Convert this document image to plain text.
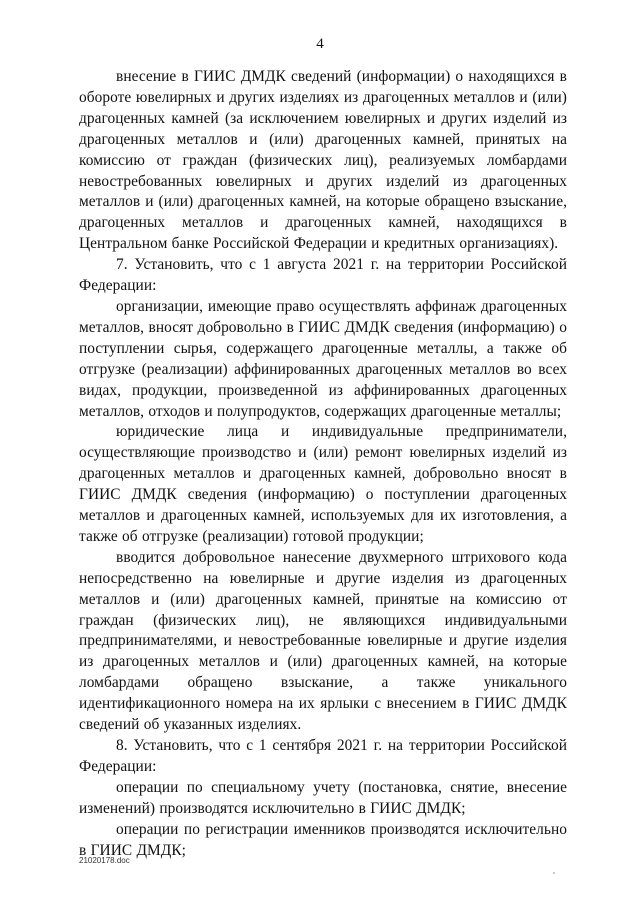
4

внесение в ГИИС ДМДК сведений (информации) о находящихся в обороте ювелирных и других изделиях из драгоценных металлов и (или) драгоценных камней (за исключением ювелирных и других изделий из драгоценных металлов и (или) драгоценных камней, принятых на комиссию от граждан (физических лиц), реализуемых ломбардами невостребованных ювелирных и других изделий из драгоценных металлов и (или) драгоценных камней, на которые обращено взыскание, драгоценных металлов и драгоценных камней, находящихся в Центральном банке Российской Федерации и кредитных организациях).

7. Установить, что с 1 августа 2021 г. на территории Российской Федерации:

организации, имеющие право осуществлять аффинаж драгоценных металлов, вносят добровольно в ГИИС ДМДК сведения (информацию) о поступлении сырья, содержащего драгоценные металлы, а также об отгрузке (реализации) аффинированных драгоценных металлов во всех видах, продукции, произведенной из аффинированных драгоценных металлов, отходов и полупродуктов, содержащих драгоценные металлы;

юридические лица и индивидуальные предприниматели, осуществляющие производство и (или) ремонт ювелирных изделий из драгоценных металлов и драгоценных камней, добровольно вносят в ГИИС ДМДК сведения (информацию) о поступлении драгоценных металлов и драгоценных камней, используемых для их изготовления, а также об отгрузке (реализации) готовой продукции;

вводится добровольное нанесение двухмерного штрихового кода непосредственно на ювелирные и другие изделия из драгоценных металлов и (или) драгоценных камней, принятые на комиссию от граждан (физических лиц), не являющихся индивидуальными предпринимателями, и невостребованные ювелирные и другие изделия из драгоценных металлов и (или) драгоценных камней, на которые ломбардами обращено взыскание, а также уникального идентификационного номера на их ярлыки с внесением в ГИИС ДМДК сведений об указанных изделиях.

8. Установить, что с 1 сентября 2021 г. на территории Российской Федерации:

операции по специальному учету (постановка, снятие, внесение изменений) производятся исключительно в ГИИС ДМДК;

операции по регистрации именников производятся исключительно в ГИИС ДМДК;

21020178.doc
